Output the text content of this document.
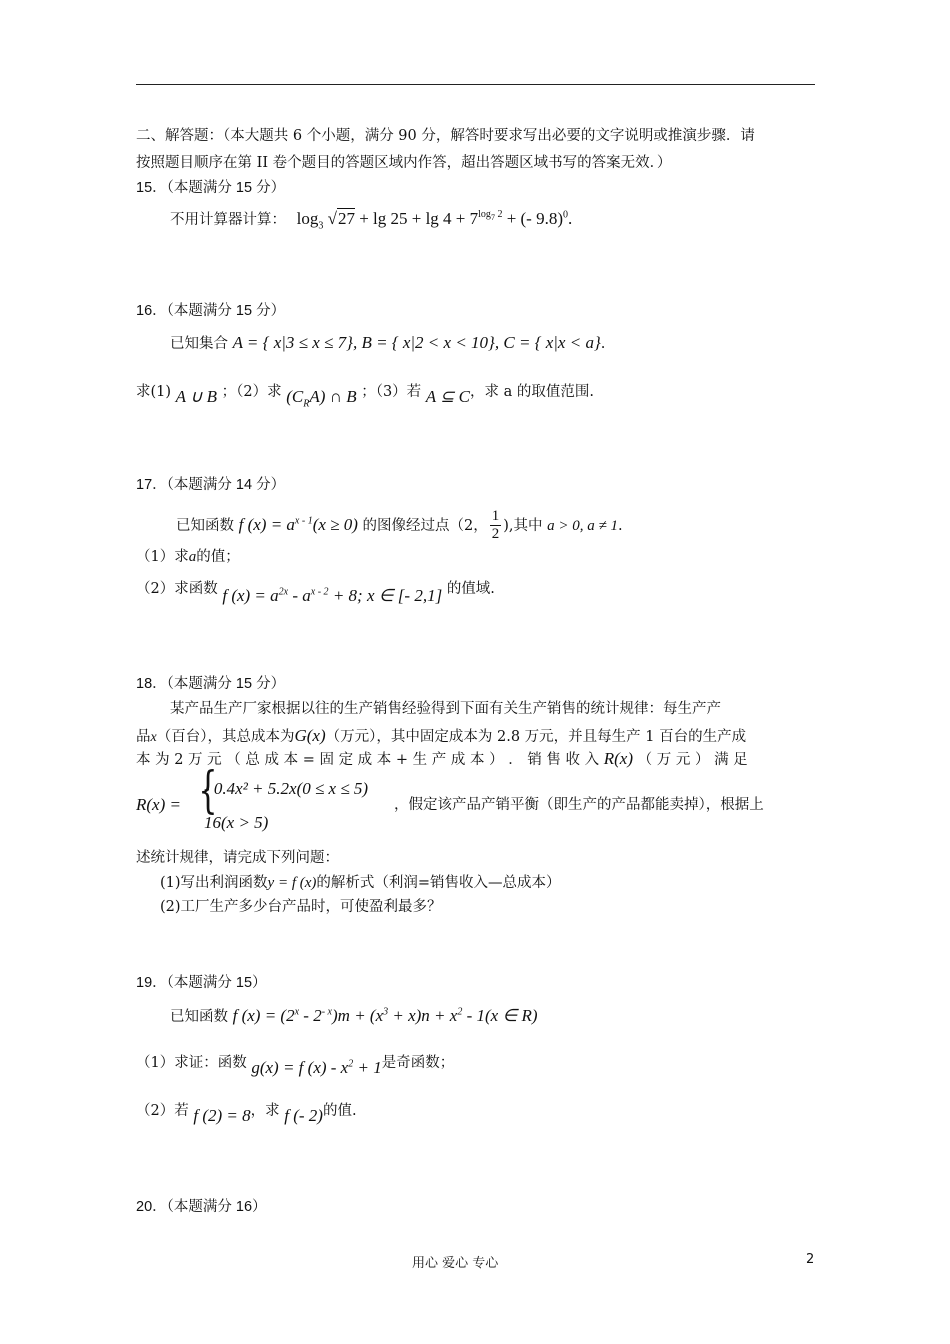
二、解答题：（本大题共 6 个小题，满分 90 分，解答时要求写出必要的文字说明或推演步骤．请
按照题目顺序在第 II 卷个题目的答题区域内作答，超出答题区域书写的答案无效．）
15．（本题满分 15 分）
不用计算器计算： $\log_3 √27 + \lg 25 + \lg 4 + 7^{log_7 2}$ + (- 9.8)$^0$.
16．（本题满分 15 分）
已知集合 A = { x|3 ≤ x ≤ 7}, B = { x|2 < x < 10}, C = { x|x < a}.
求(1) A ∪ B ；（2）求 $(C_RA)$ ∩ B ；（3）若 A ⊆ C，求 a 的取值范围.
17．（本题满分 14 分）
已知函数 f $(x) = a^{x - 1}(x \ge 0)$ 的图像经过点（2， $\frac{1}{2}$ ),其中 a > 0, a ≠ 1.
（1）求a的值；
（2）求函数 f $(x) = a^{2x} - a^{x - 2} + 8$; x ∈ [- 2,1] 的值域.
18．（本题满分 15 分）
某产品生产厂家根据以往的生产销售经验得到下面有关生产销售的统计规律：每生产产
品x（百台），其总成本为G(x)（万元），其中固定成本为 2.8 万元，并且每生产 1 百台的生产成
本 为 2 万 元 （ 总 成 本 = 固 定 成 本 + 生 产 成 本 ） ． 销 售 收 入 R(x) （ 万 元 ） 满 足
R(x) = {
- 0.4x² + 5.2x(0 ≤ x ≤ 5)
16(x > 5)
，假定该产品产销平衡（即生产的产品都能卖掉），根据上
述统计规律，请完成下列问题：
(1)写出利润函数y = f (x)的解析式（利润=销售收入—总成本）
(2)工厂生产多少台产品时，可使盈利最多？
19．（本题满分 15）
已知函数 f $(x) = (2^x - 2^{- x})m + (x^3 + x)n + x^2 - 1(x$ ∈ R)
（1）求证：函数 g(x) = f $(x) - x^2 + 1$是奇函数；
（2）若 f (2) = 8，求 f (- 2)的值.
20．（本题满分 16）
用心 爱心 专心	2
